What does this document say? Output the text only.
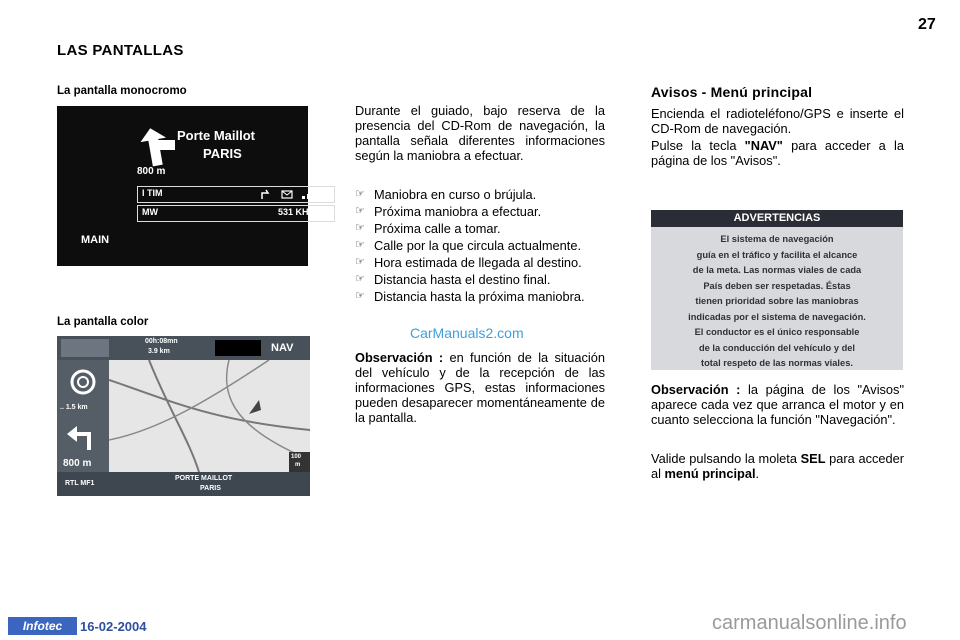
27
LAS PANTALLAS
La pantalla monocromo
Porte Maillot
PARIS
800 m
I TIM
MW	531 KHz
MAIN
La pantalla color
00h:08mn
3.9 km	NAV
.. 1.5 km
800 m
100
m
RTL MF1
PORTE MAILLOT
PARIS
Durante el guiado, bajo reserva de la presencia del CD-Rom de navegación, la pantalla señala diferentes informaciones según la maniobra a efectuar.
☞ Maniobra en curso o brújula.
☞ Próxima maniobra a efectuar.
☞ Próxima calle a tomar.
☞ Calle por la que circula actualmente.
☞ Hora estimada de llegada al destino.
☞ Distancia hasta el destino final.
☞ Distancia hasta la próxima maniobra.
CarManuals2.com
Observación : en función de la situación del vehículo y de la recepción de las informaciones GPS, estas informaciones pueden desaparecer momentáneamente de la pantalla.
Avisos - Menú principal
Encienda el radioteléfono/GPS e inserte el CD-Rom de navegación.
Pulse la tecla "NAV" para acceder a la página de los "Avisos".
ADVERTENCIAS
El sistema de navegación
guía en el tráfico y facilita el alcance
de la meta. Las normas viales de cada
País deben ser respetadas. Éstas
tienen prioridad sobre las maniobras
indicadas por el sistema de navegación.
El conductor es el único responsable
de la conducción del vehículo y del
total respeto de las normas viales.
Observación : la página de los "Avisos" aparece cada vez que arranca el motor y en cuanto selecciona la función "Navegación".
Valide pulsando la moleta SEL para acceder al menú principal.
Infotec	16-02-2004	carmanualsonline.info
